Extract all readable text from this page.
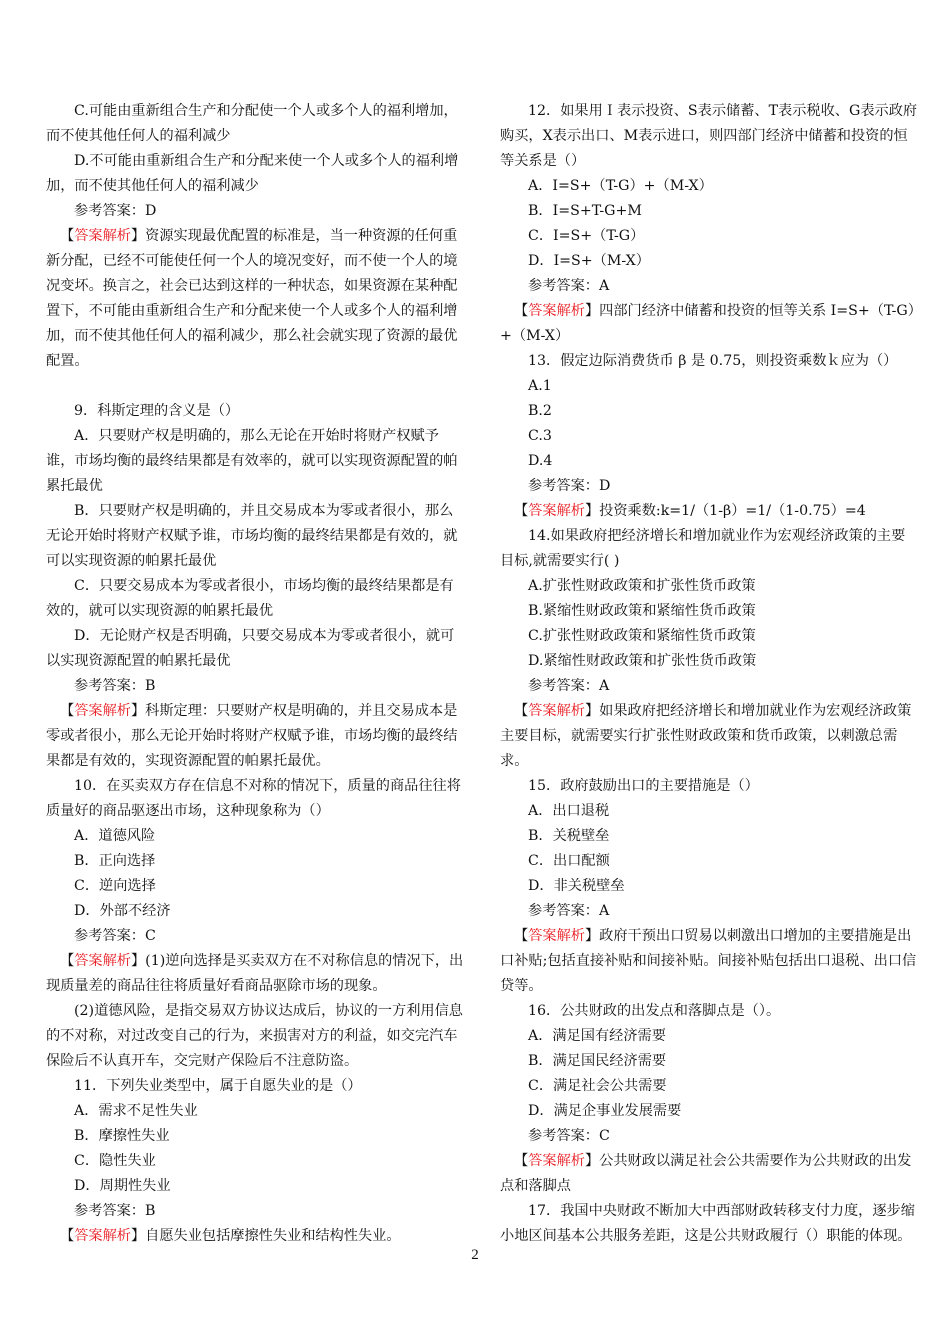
C.可能由重新组合生产和分配使一个人或多个人的福利增加，而不使其他任何人的福利减少

D.不可能由重新组合生产和分配来使一个人或多个人的福利增加，而不使其他任何人的福利减少

参考答案：D

【答案解析】资源实现最优配置的标准是，当一种资源的任何重新分配，已经不可能使任何一个人的境况变好，而不使一个人的境况变坏。换言之，社会已达到这样的一种状态，如果资源在某种配置下，不可能由重新组合生产和分配来使一个人或多个人的福利增加，而不使其他任何人的福利减少，那么社会就实现了资源的最优配置。

9．科斯定理的含义是（）

A．只要财产权是明确的，那么无论在开始时将财产权赋予谁，市场均衡的最终结果都是有效率的，就可以实现资源配置的帕累托最优

B．只要财产权是明确的，并且交易成本为零或者很小，那么无论开始时将财产权赋予谁，市场均衡的最终结果都是有效的，就可以实现资源的帕累托最优

C．只要交易成本为零或者很小，市场均衡的最终结果都是有效的，就可以实现资源的帕累托最优

D．无论财产权是否明确，只要交易成本为零或者很小，就可以实现资源配置的帕累托最优

参考答案：B

【答案解析】科斯定理：只要财产权是明确的，并且交易成本是零或者很小，那么无论开始时将财产权赋予谁，市场均衡的最终结果都是有效的，实现资源配置的帕累托最优。

10．在买卖双方存在信息不对称的情况下，质量的商品往往将质量好的商品驱逐出市场，这种现象称为（）

A．道德风险

B．正向选择

C．逆向选择

D．外部不经济

参考答案：C

【答案解析】(1)逆向选择是买卖双方在不对称信息的情况下，出现质量差的商品往往将质量好看商品驱除市场的现象。

(2)道德风险，是指交易双方协议达成后，协议的一方利用信息的不对称，对过改变自己的行为，来损害对方的利益，如交完汽车保险后不认真开车，交完财产保险后不注意防盗。

11．下列失业类型中，属于自愿失业的是（）

A．需求不足性失业

B．摩擦性失业

C．隐性失业

D．周期性失业

参考答案：B

【答案解析】自愿失业包括摩擦性失业和结构性失业。

12．如果用Ｉ表示投资、S表示储蓄、T表示税收、G表示政府购买，X表示出口、M表示进口，则四部门经济中储蓄和投资的恒等关系是（）

A．I=S+（T-G）+（M-X）

B．I=S+T-G+M

C．I=S+（T-G）

D．I=S+（M-X）

参考答案：A

【答案解析】四部门经济中储蓄和投资的恒等关系 I=S+（T-G）+（M-X）

13．假定边际消费货币 β 是 0.75，则投资乘数ｋ应为（）

A.1

B.2

C.3

D.4

参考答案：D

【答案解析】投资乘数:k=1/（1-β）=1/（1-0.75）=4

14.如果政府把经济增长和增加就业作为宏观经济政策的主要目标,就需要实行( )

A.扩张性财政政策和扩张性货币政策

B.紧缩性财政政策和紧缩性货币政策

C.扩张性财政政策和紧缩性货币政策

D.紧缩性财政政策和扩张性货币政策

参考答案：A

【答案解析】如果政府把经济增长和增加就业作为宏观经济政策主要目标，就需要实行扩张性财政政策和货币政策，以刺激总需求。

15．政府鼓励出口的主要措施是（）

A．出口退税

B．关税壁垒

C．出口配额

D．非关税壁垒

参考答案：A

【答案解析】政府干预出口贸易以刺激出口增加的主要措施是出口补贴;包括直接补贴和间接补贴。间接补贴包括出口退税、出口信贷等。

16．公共财政的出发点和落脚点是（）。

A．满足国有经济需要

B．满足国民经济需要

C．满足社会公共需要

D．满足企事业发展需要

参考答案：C

【答案解析】公共财政以满足社会公共需要作为公共财政的出发点和落脚点

17．我国中央财政不断加大中西部财政转移支付力度，逐步缩小地区间基本公共服务差距，这是公共财政履行（）职能的体现。

2
